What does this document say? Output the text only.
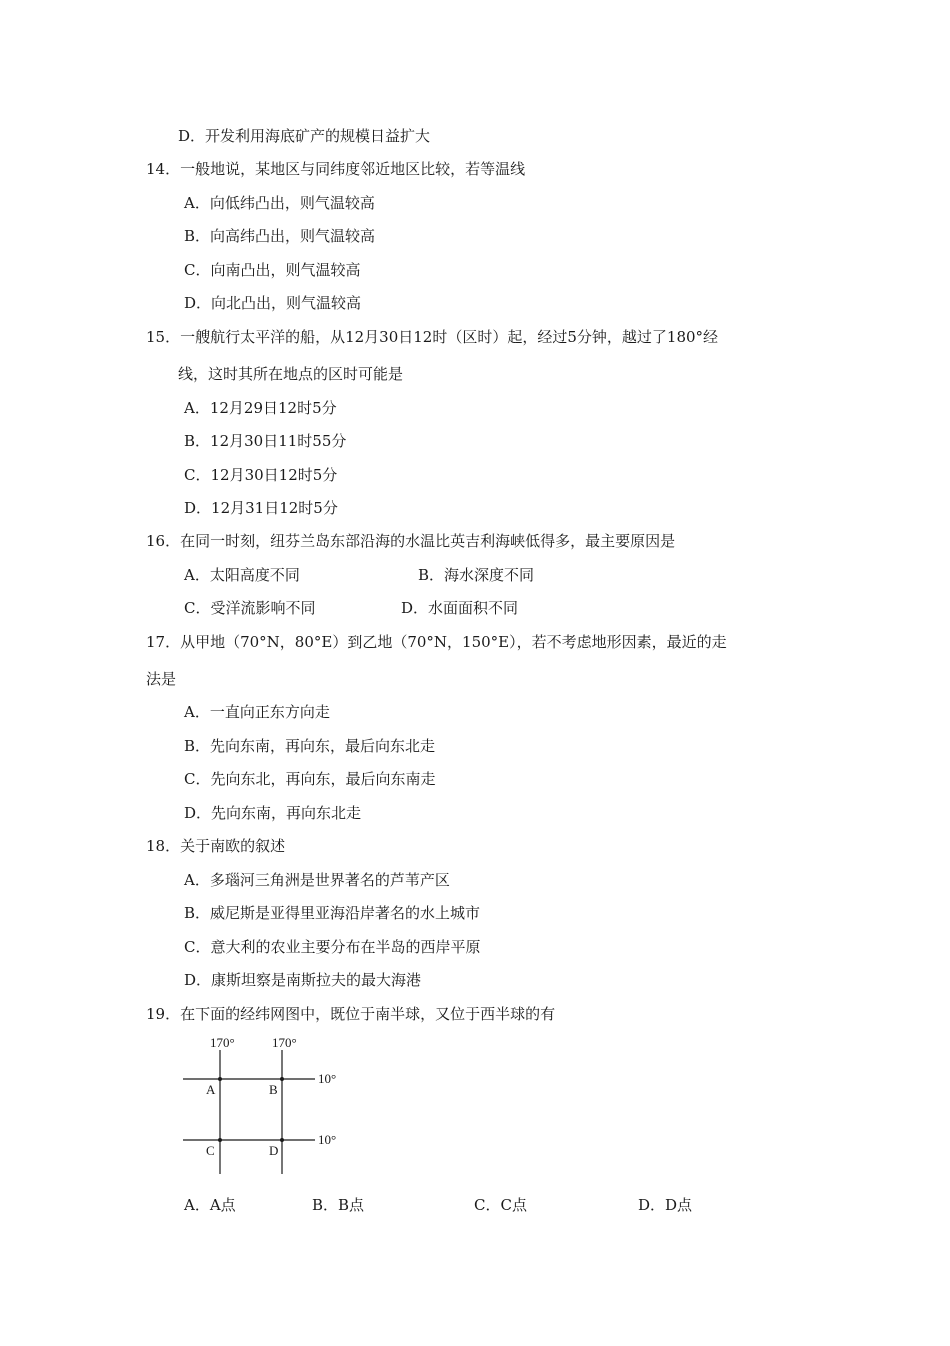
D．开发利用海底矿产的规模日益扩大
14．一般地说，某地区与同纬度邻近地区比较，若等温线
A．向低纬凸出，则气温较高
B．向高纬凸出，则气温较高
C．向南凸出，则气温较高
D．向北凸出，则气温较高
15．一艘航行太平洋的船，从12月30日12时（区时）起，经过5分钟，越过了180°经
线，这时其所在地点的区时可能是
A．12月29日12时5分
B．12月30日11时55分
C．12月30日12时5分
D．12月31日12时5分
16．在同一时刻，纽芬兰岛东部沿海的水温比英吉利海峡低得多，最主要原因是
A．太阳高度不同	B．海水深度不同
C．受洋流影响不同	D．水面面积不同
17．从甲地（70°N，80°E）到乙地（70°N，150°E），若不考虑地形因素，最近的走
法是
A．一直向正东方向走
B．先向东南，再向东，最后向东北走
C．先向东北，再向东，最后向东南走
D．先向东南，再向东北走
18．关于南欧的叙述
A．多瑙河三角洲是世界著名的芦苇产区
B．威尼斯是亚得里亚海沿岸著名的水上城市
C．意大利的农业主要分布在半岛的西岸平原
D．康斯坦察是南斯拉夫的最大海港
19．在下面的经纬网图中，既位于南半球，又位于西半球的有
170°	170°
10°
10°
A	B
C	D
A．A点	B．B点	C．C点	D．D点
